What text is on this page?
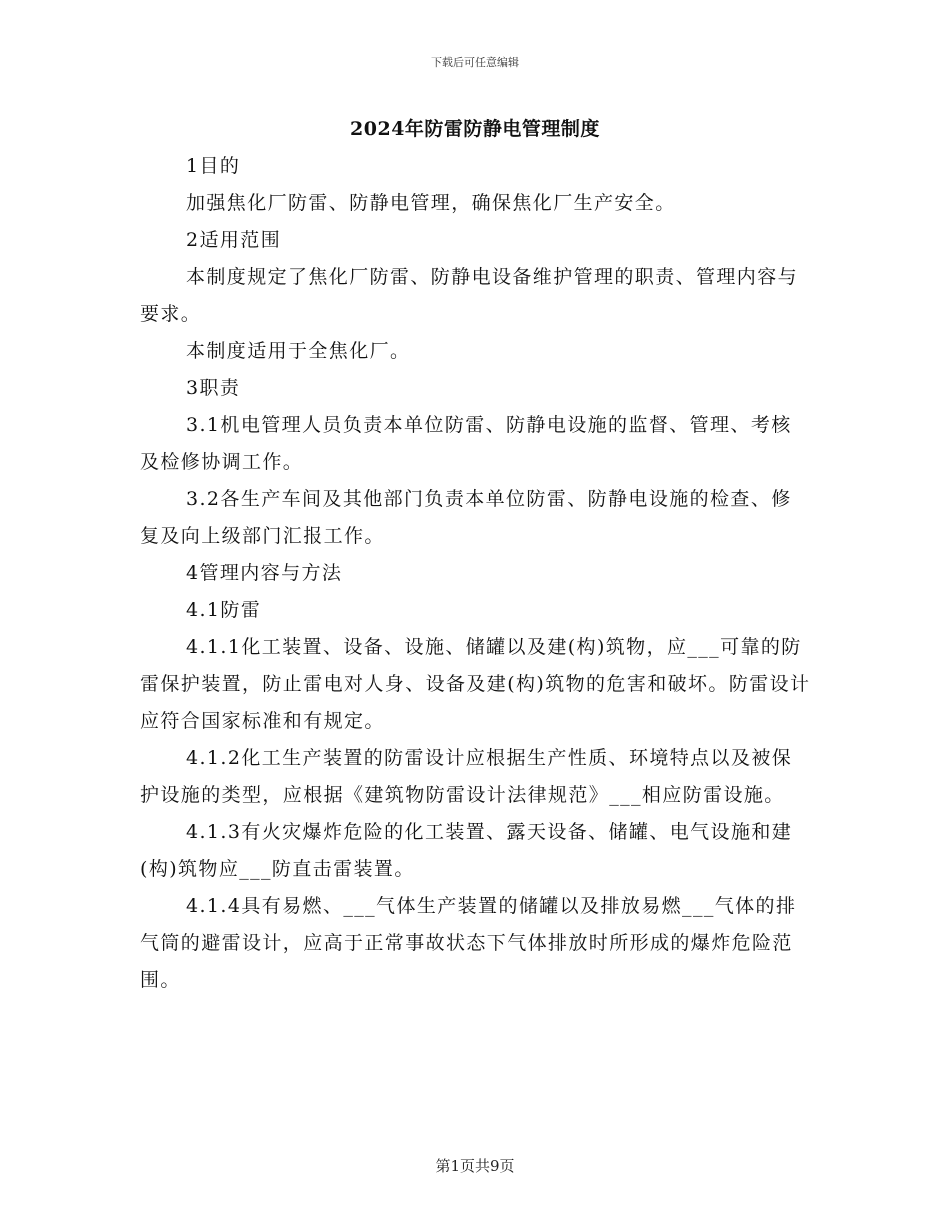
下载后可任意编辑
2024年防雷防静电管理制度

1目的

加强焦化厂防雷、防静电管理，确保焦化厂生产安全。

2适用范围

本制度规定了焦化厂防雷、防静电设备维护管理的职责、管理内容与要求。

本制度适用于全焦化厂。

3职责

3.1机电管理人员负责本单位防雷、防静电设施的监督、管理、考核及检修协调工作。

3.2各生产车间及其他部门负责本单位防雷、防静电设施的检查、修复及向上级部门汇报工作。

4管理内容与方法

4.1防雷

4.1.1化工装置、设备、设施、储罐以及建(构)筑物，应___可靠的防雷保护装置，防止雷电对人身、设备及建(构)筑物的危害和破坏。防雷设计应符合国家标准和有规定。

4.1.2化工生产装置的防雷设计应根据生产性质、环境特点以及被保护设施的类型，应根据《建筑物防雷设计法律规范》___相应防雷设施。

4.1.3有火灾爆炸危险的化工装置、露天设备、储罐、电气设施和建(构)筑物应___防直击雷装置。

4.1.4具有易燃、___气体生产装置的储罐以及排放易燃___气体的排气筒的避雷设计，应高于正常事故状态下气体排放时所形成的爆炸危险范围。

第1页共9页
